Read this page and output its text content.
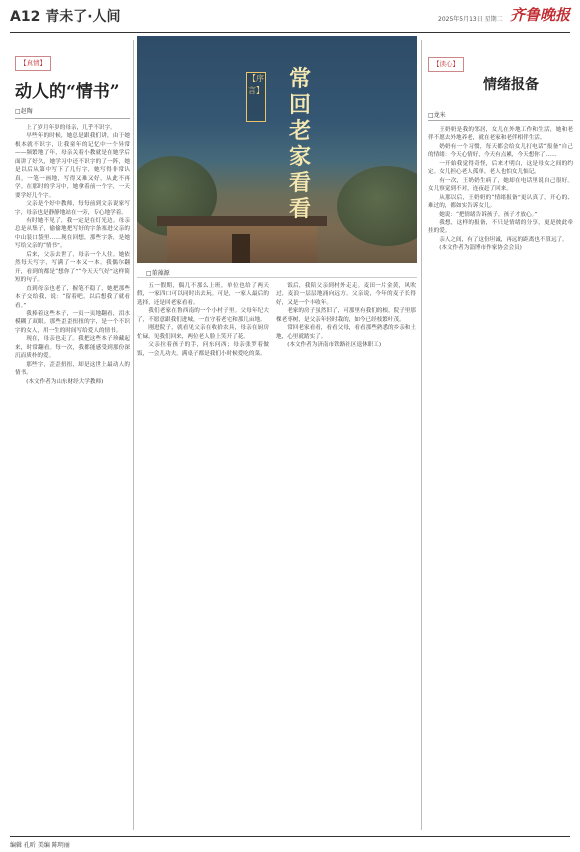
A12 青未了·人间	2025年5月13日 星期二 齐鲁晚报
【真情】
动人的“情书”
□赵陶

上了岁月年岁的母亲，几乎不识字。

早些年的时候，她总是跟我们讲，由于她根本就不识字，让我童年的记忆中一个异常——频繁地了年，母亲关着小教就是在她学后面讲了好久，她学习中还不识字的了一阵，她是以后从第中写下了几行字，她写得非常认真，一笔一画地，写得又难又好，从此不再学。在那时的学习中，她拿着前一个字，一天要学好几个字。

父亲是个好中教师，每每前到文亲说家写字，母亲也是静静地站在一旁，专心地学着。

有时她不见了，我一定是在灯光边。母亲总是从集子，偷偷地把写好的字条塞进父亲的中山装口袋里……现在回想，那些字条，是她写给父亲的“情书”。

后来，父亲去世了，母亲一个人住。她依然每天写字，写满了一本又一本。我偶尔翻开，看到的都是“想你了”“今天天气好”这样简短的句子。

直到母亲也老了，握笔不稳了，她把那些本子交给我，说：“留着吧，以后想我了就看看。”

我捧着这些本子，一页一页地翻看，泪水模糊了双眼。那些歪歪扭扭的字，是一个不识字的女人，用一生的时间写给爱人的情书。

现在，母亲也走了。我把这些本子珍藏起来，时常翻看。每一次，我都能感受到那份深沉而质朴的爱。

那些字，歪歪扭扭，却是这世上最动人的情书。

(本文作者为山东财经大学教师)

【序言】 常回老家看看
□董藻源

五一假期，偶几不那么上班，单位也给了两天假，一家四口可以同时出去玩。可是，一家人最后的选择，还是回老家看看。

我们老家在鲁西南的一个小村子里。父母年纪大了，不愿意跟我们进城，一直守着老宅和那几亩地。

刚进院子，就看见父亲在收拾农具，母亲在厨房忙碌。见我们回来，两位老人脸上笑开了花。

父亲拉着孩子的手，问东问西；母亲张罗着做饭，一会儿功夫，满桌子都是我们小时候爱吃的菜。

饭后，我陪父亲到村外走走。麦田一片金黄，风吹过，麦浪一层层地涌向远方。父亲说，今年的麦子长得好，又是一个丰收年。

老家的房子虽然旧了，可那里有我们的根。院子里那棵老枣树，是父亲年轻时栽的，如今已经枝繁叶茂。

常回老家看看，看看父母，看看那些熟悉的乡亲和土地，心里就踏实了。

(本文作者为济南市铁路社区退休职工)

【读心】
情绪报备
□龙米

王奶奶是我的邻居，女儿在外地工作和生活，她和老伴不愿去外地养老，就在老家和老伴相伴生活。

奶奶有一个习惯，每天都会给女儿打电话“报备”自己的情绪：今天心情好，今天有点累，今天想你了……

一开始我觉得奇怪，后来才明白，这是母女之间的约定。女儿担心老人孤单，老人也怕女儿惦记。

有一次，王奶奶生病了，她却在电话里说自己很好。女儿察觉到不对，连夜赶了回来。

从那以后，王奶奶的“情绪报备”更认真了，开心的、难过的，都如实告诉女儿。

她说：“把情绪告诉孩子，孩子才放心。”

我想，这样的报备，不只是情绪的分享，更是彼此牵挂的爱。

亲人之间，有了这份坦诚，再远的距离也不算远了。

(本文作者为淄博市作家协会会员)

编辑 孔昕 美编 陈明丽
